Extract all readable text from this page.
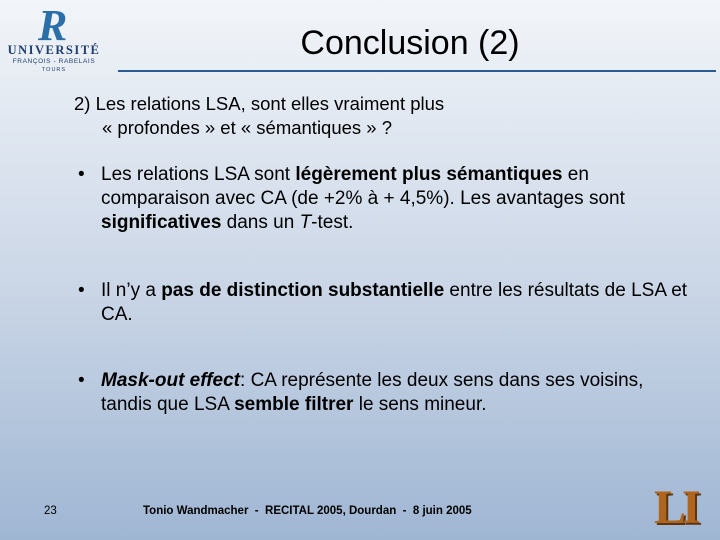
R
UNIVERSITÉ
FRANÇOIS - RABELAIS
TOURS
Conclusion (2)

2) Les relations LSA, sont elles vraiment plus
« profondes » et « sémantiques » ?

• Les relations LSA sont légèrement plus sémantiques en comparaison avec CA (de +2% à + 4,5%). Les avantages sont significatives dans un T-test.
• Il n’y a pas de distinction substantielle entre les résultats de LSA et CA.
• Mask-out effect: CA représente les deux sens dans ses voisins, tandis que LSA semble filtrer le sens mineur.
23	Tonio Wandmacher  -  RECITAL 2005, Dourdan  -  8 juin 2005	LI
